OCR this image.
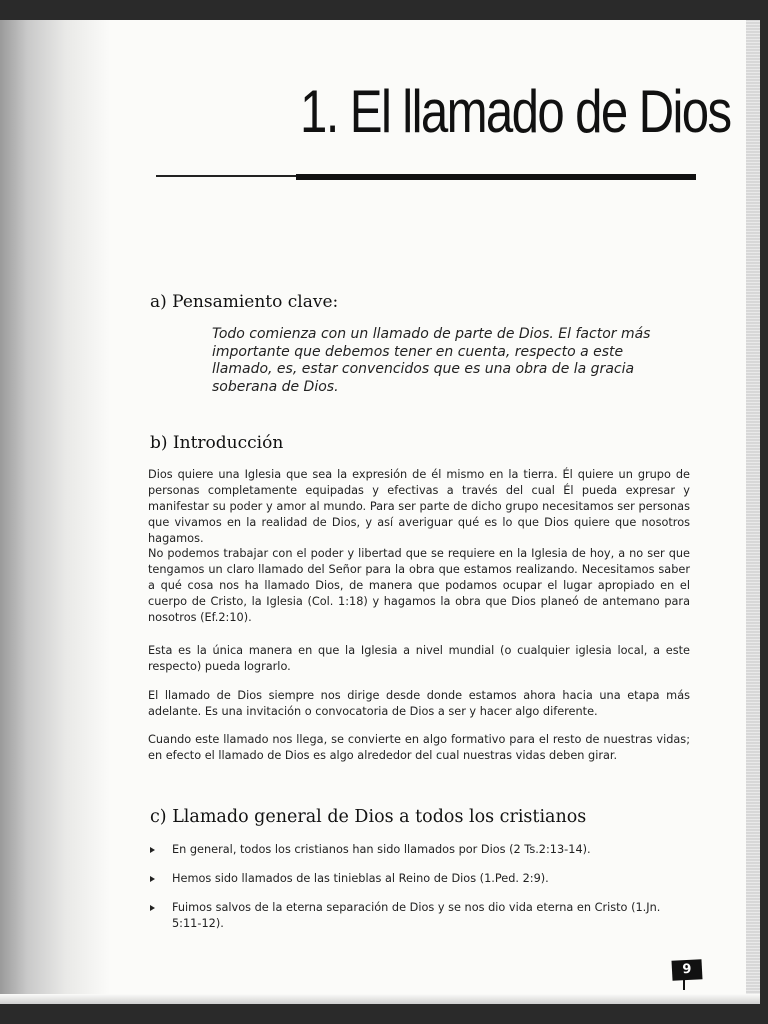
1. El llamado de Dios
a) Pensamiento clave:

Todo comienza con un llamado de parte de Dios. El factor más importante que debemos tener en cuenta, respecto a este llamado, es, estar convencidos que es una obra de la gracia soberana de Dios.

b) Introducción

Dios quiere una Iglesia que sea la expresión de él mismo en la tierra. Él quiere un grupo de personas completamente equipadas y efectivas a través del cual Él pueda expresar y manifestar su poder y amor al mundo. Para ser parte de dicho grupo necesitamos ser personas que vivamos en la realidad de Dios, y así averiguar qué es lo que Dios quiere que nosotros hagamos.

No podemos trabajar con el poder y libertad que se requiere en la Iglesia de hoy, a no ser que tengamos un claro llamado del Señor para la obra que estamos realizando. Necesitamos saber a qué cosa nos ha llamado Dios, de manera que podamos ocupar el lugar apropiado en el cuerpo de Cristo, la Iglesia (Col. 1:18) y hagamos la obra que Dios planeó de antemano para nosotros (Ef.2:10).

Esta es la única manera en que la Iglesia a nivel mundial (o cualquier iglesia local, a este respecto) pueda lograrlo.

El llamado de Dios siempre nos dirige desde donde estamos ahora hacia una etapa más adelante. Es una invitación o convocatoria de Dios a ser y hacer algo diferente.

Cuando este llamado nos llega, se convierte en algo formativo para el resto de nuestras vidas; en efecto el llamado de Dios es algo alrededor del cual nuestras vidas deben girar.

c) Llamado general de Dios a todos los cristianos
En general, todos los cristianos han sido llamados por Dios (2 Ts.2:13-14).
Hemos sido llamados de las tinieblas al Reino de Dios (1.Ped. 2:9).
Fuimos salvos de la eterna separación de Dios y se nos dio vida eterna en Cristo (1.Jn. 5:11-12).
9
